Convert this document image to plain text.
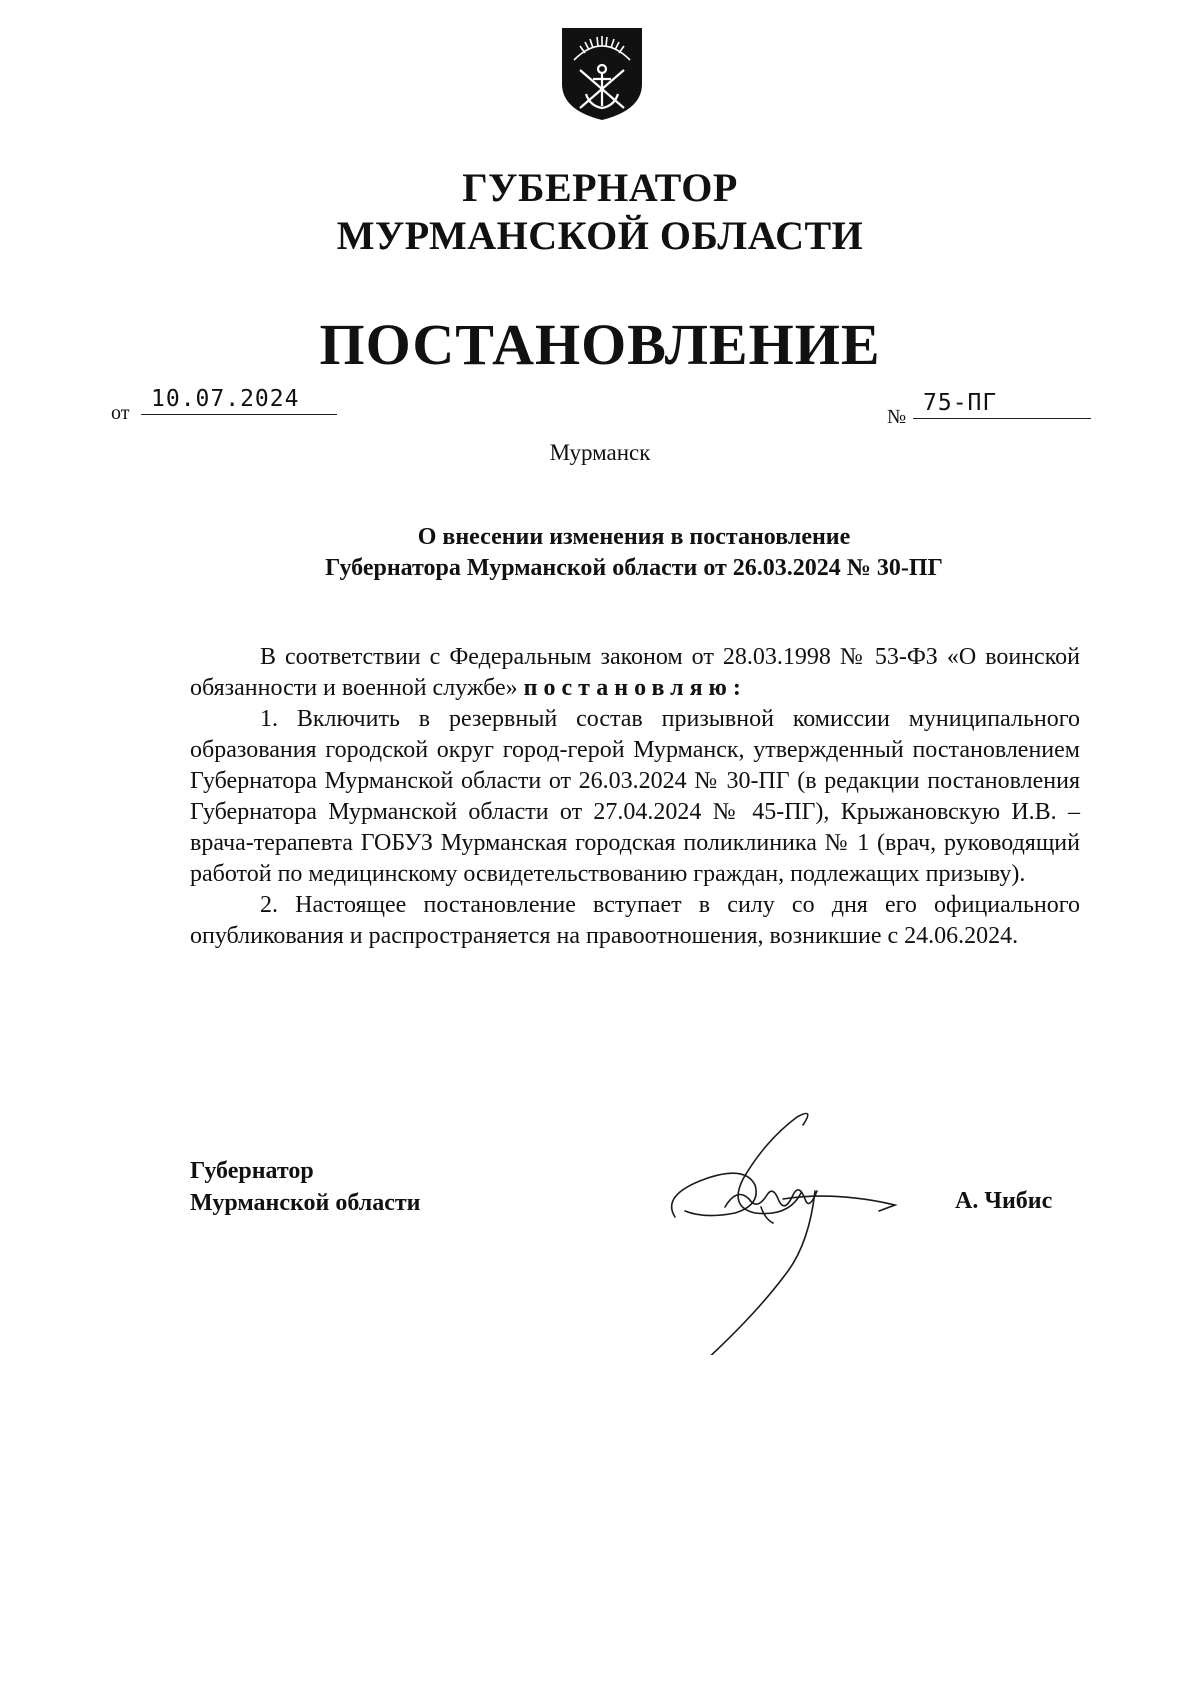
ГУБЕРНАТОР
МУРМАНСКОЙ ОБЛАСТИ
ПОСТАНОВЛЕНИЕ
от
10.07.2024
№
75-ПГ
Мурманск
О внесении изменения в постановление
Губернатора Мурманской области от 26.03.2024 № 30-ПГ

В соответствии с Федеральным законом от 28.03.1998 № 53-ФЗ «О воинской обязанности и военной службе» постановляю:

1. Включить в резервный состав призывной комиссии муниципального образования городской округ город-герой Мурманск, утвержденный постановлением Губернатора Мурманской области от 26.03.2024 № 30-ПГ (в редакции постановления Губернатора Мурманской области от 27.04.2024 № 45-ПГ), Крыжановскую И.В. – врача-терапевта ГОБУЗ Мурманская городская поликлиника № 1 (врач, руководящий работой по медицинскому освидетельствованию граждан, подлежащих призыву).

2. Настоящее постановление вступает в силу со дня его официального опубликования и распространяется на правоотношения, возникшие с 24.06.2024.

Губернатор
Мурманской области	А. Чибис
